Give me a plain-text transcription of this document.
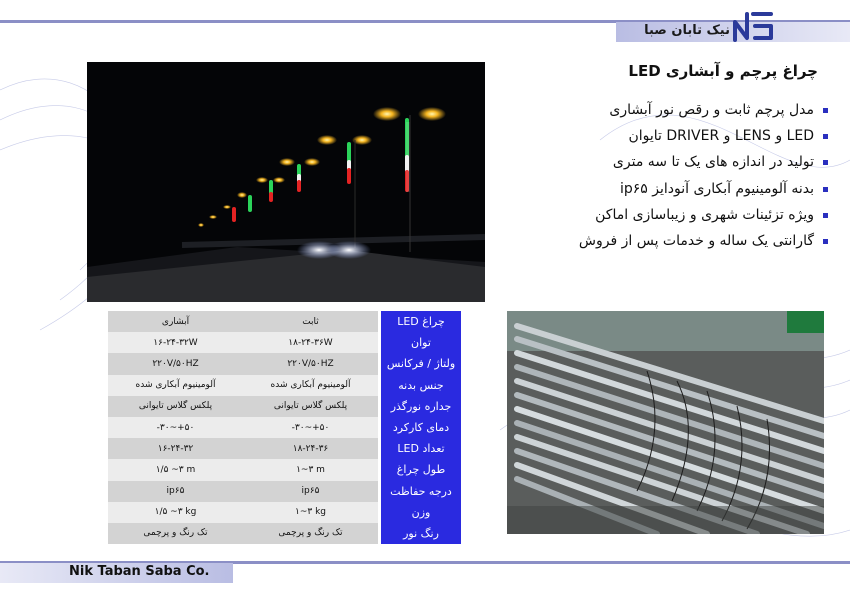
نیک تابان صبا
چراغ پرچم و آبشاری LED
مدل پرچم ثابت و رقص نور آبشاری
LED و LENS و DRIVER تایوان
تولید در اندازه های یک تا سه متری
بدنه آلومینیوم آبکاری آنودایز ip۶۵
ویژه تزئینات شهری و زیباسازی اماکن
گارانتی یک ساله و خدمات پس از فروش
آبشاری	ثابت		چراغ LED
۱۶-۲۴-۳۲W	۱۸-۲۴-۳۶W		توان
۲۲۰V/۵۰HZ	۲۲۰V/۵۰HZ		ولتاژ / فرکانس
آلومینیوم آبکاری شده	آلومینیوم آبکاری شده		جنس بدنه
پلکس گلاس تایوانی	پلکس گلاس تایوانی		جداره نورگذر
-۳۰~+۵۰	-۳۰~+۵۰		دمای کارکرد
۱۶-۲۴-۳۲	۱۸-۲۴-۳۶		تعداد LED
۱/۵ ~۳ m	۱~۳ m		طول چراغ
ip۶۵	ip۶۵		درجه حفاظت
۱/۵ ~۳ kg	۱~۳ kg		وزن
تک رنگ و پرچمی	تک رنگ و پرچمی		رنگ نور
Nik Taban Saba Co.
